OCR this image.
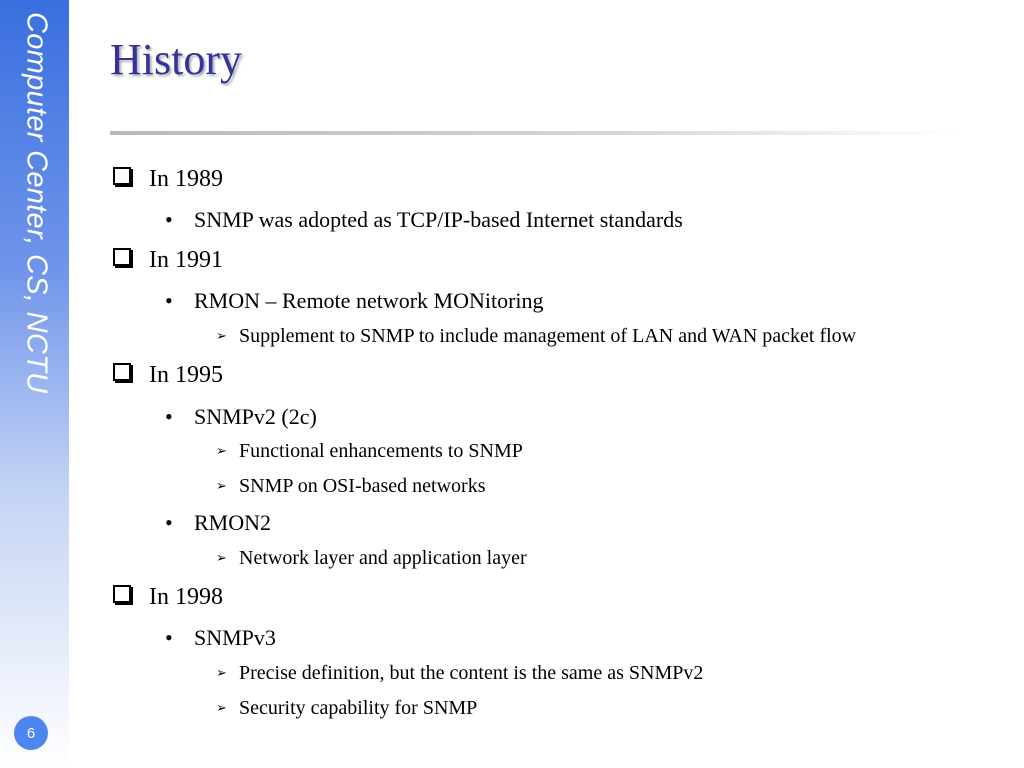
Computer Center, CS, NCTU
6
History
In 1989
• SNMP was adopted as TCP/IP-based Internet standards
In 1991
• RMON – Remote network MONitoring
➢ Supplement to SNMP to include management of LAN and WAN packet flow
In 1995
• SNMPv2 (2c)
➢ Functional enhancements to SNMP
➢ SNMP on OSI-based networks
• RMON2
➢ Network layer and application layer
In 1998
• SNMPv3
➢ Precise definition, but the content is the same as SNMPv2
➢ Security capability for SNMP
